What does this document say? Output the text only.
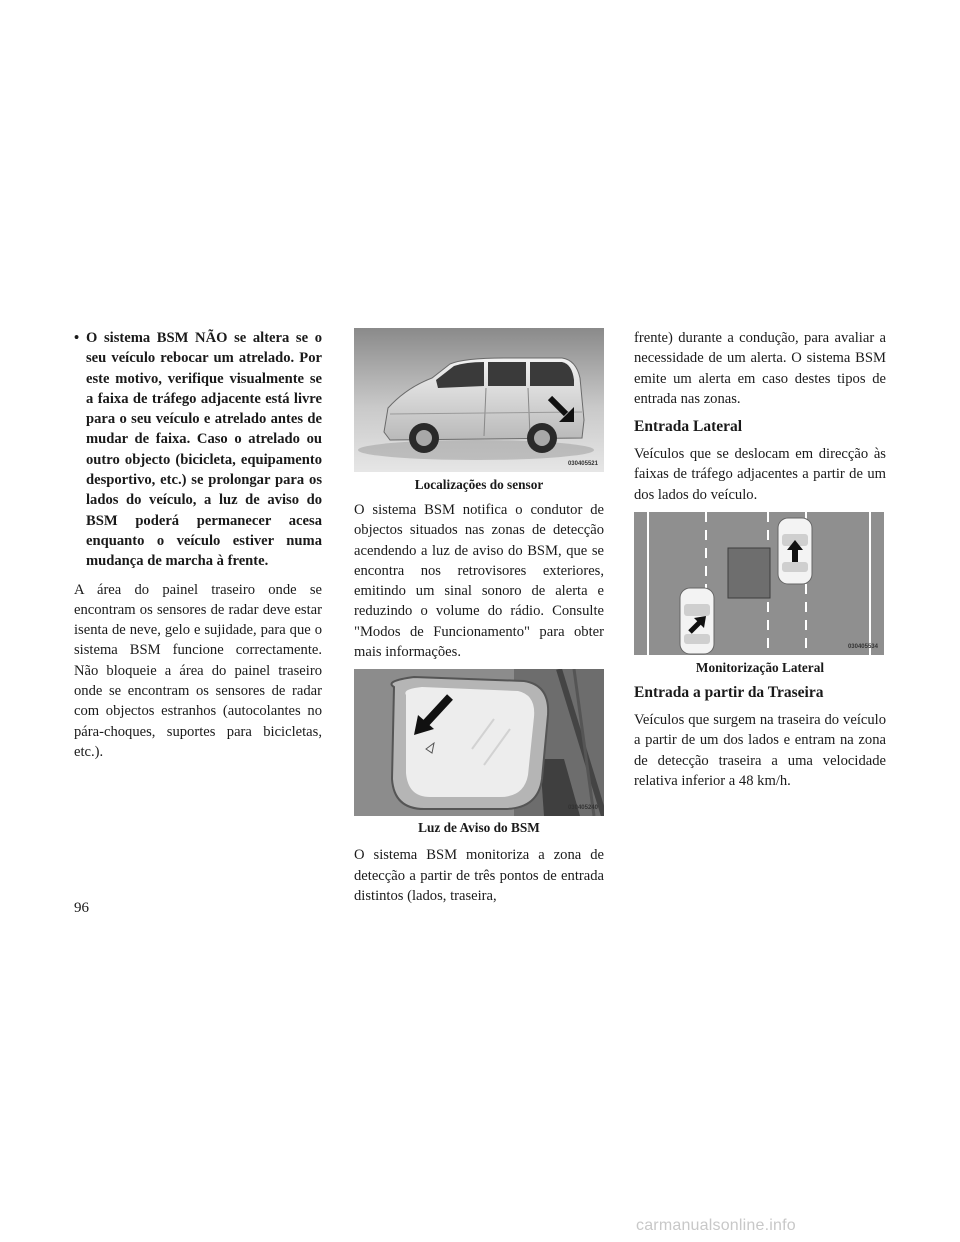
• O sistema BSM NÃO se altera se o seu veículo rebocar um atrelado. Por este motivo, verifique visualmente se a faixa de tráfego adjacente está livre para o seu veículo e atrelado antes de mudar de faixa. Caso o atrelado ou outro objecto (bicicleta, equipamento desportivo, etc.) se prolongar para os lados do veículo, a luz de aviso do BSM poderá permanecer acesa enquanto o veículo estiver numa mudança de marcha à frente.

A área do painel traseiro onde se encontram os sensores de radar deve estar isenta de neve, gelo e sujidade, para que o sistema BSM funcione correctamente. Não bloqueie a área do painel traseiro onde se encontram os sensores de radar com objectos estranhos (autocolantes no pára-choques, suportes para bicicletas, etc.).

030405521
Localizações do sensor

O sistema BSM notifica o condutor de objectos situados nas zonas de detecção acendendo a luz de aviso do BSM, que se encontra nos retrovisores exteriores, emitindo um sinal sonoro de alerta e reduzindo o volume do rádio. Consulte "Modos de Funcionamento" para obter mais informações.

030405240
Luz de Aviso do BSM

O sistema BSM monitoriza a zona de detecção a partir de três pontos de entrada distintos (lados, traseira,

frente) durante a condução, para avaliar a necessidade de um alerta. O sistema BSM emite um alerta em caso destes tipos de entrada nas zonas.

Entrada Lateral

Veículos que se deslocam em direcção às faixas de tráfego adjacentes a partir de um dos lados do veículo.

030405534
Monitorização Lateral
Entrada a partir da Traseira

Veículos que surgem na traseira do veículo a partir de um dos lados e entram na zona de detecção traseira a uma velocidade relativa inferior a 48 km/h.

96
carmanualsonline.info
